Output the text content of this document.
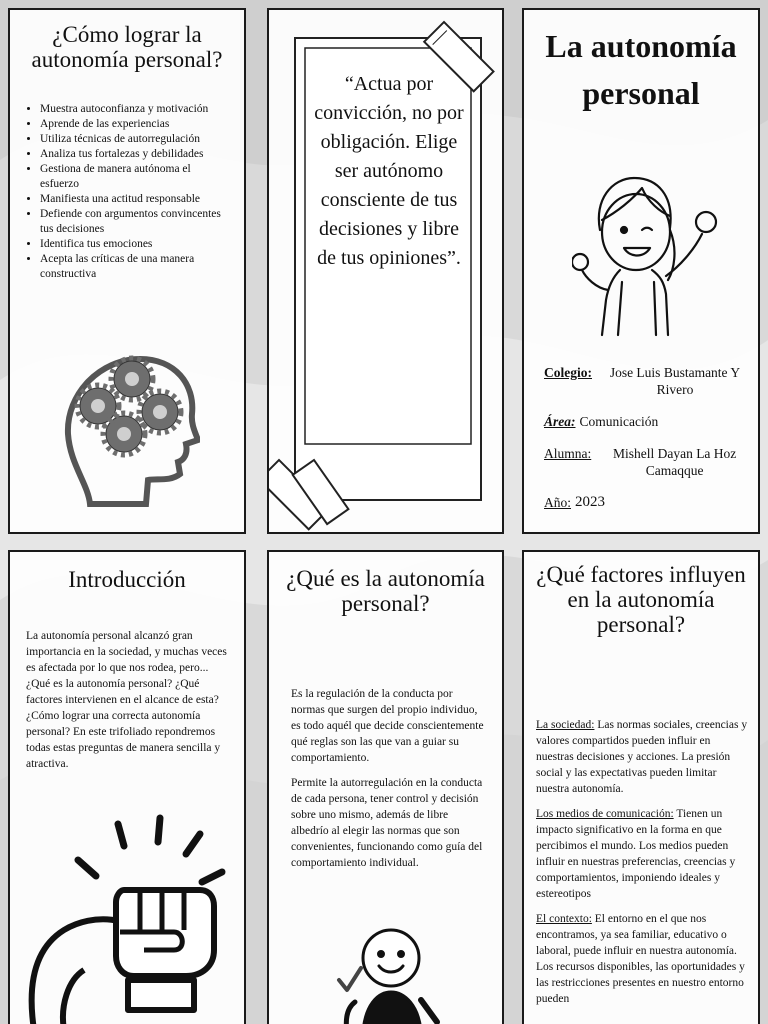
¿Cómo lograr la autonomía personal?
• Muestra autoconfianza y motivación
• Aprende de las experiencias
• Utiliza técnicas de autorregulación
• Analiza tus fortalezas y debilidades
• Gestiona de manera autónoma el esfuerzo
• Manifiesta una actitud responsable
• Defiende con argumentos convincentes tus decisiones
• Identifica tus emociones
• Acepta las críticas de una manera constructiva

“Actua por convicción, no por obligación. Elige ser autónomo consciente de tus decisiones y libre de tus opiniones”.

La autonomía personal
Colegio:	Jose Luis Bustamante Y Rivero
Área: Comunicación
Alumna:	Mishell Dayan La Hoz Camaqque
Año: 2023
Introducción

La autonomía personal alcanzó gran importancia en la sociedad, y muchas veces es afectada por lo que nos rodea, pero... ¿Qué es la autonomía personal? ¿Qué factores intervienen en el alcance de esta? ¿Cómo lograr una correcta autonomía personal? En este trifoliado repondremos todas estas preguntas de manera sencilla y atractiva.

¿Qué es la autonomía personal?

Es la regulación de la conducta por normas que surgen del propio individuo, es todo aquél que decide conscientemente qué reglas son las que van a guiar su comportamiento.

Permite la autorregulación en la conducta de cada persona, tener control y decisión sobre uno mismo, además de libre albedrío al elegir las normas que son convenientes, funcionando como guía del comportamiento individual.

¿Qué factores influyen en la autonomía personal?

La sociedad: Las normas sociales, creencias y valores compartidos pueden influir en nuestras decisiones y acciones. La presión social y las expectativas pueden limitar nuestra autonomía.

Los medios de comunicación: Tienen un impacto significativo en la forma en que percibimos el mundo. Los medios pueden influir en nuestras preferencias, creencias y comportamientos, imponiendo ideales y estereotipos

El contexto: El entorno en el que nos encontramos, ya sea familiar, educativo o laboral, puede influir en nuestra autonomía. Los recursos disponibles, las oportunidades y las restricciones presentes en nuestro entorno pueden
